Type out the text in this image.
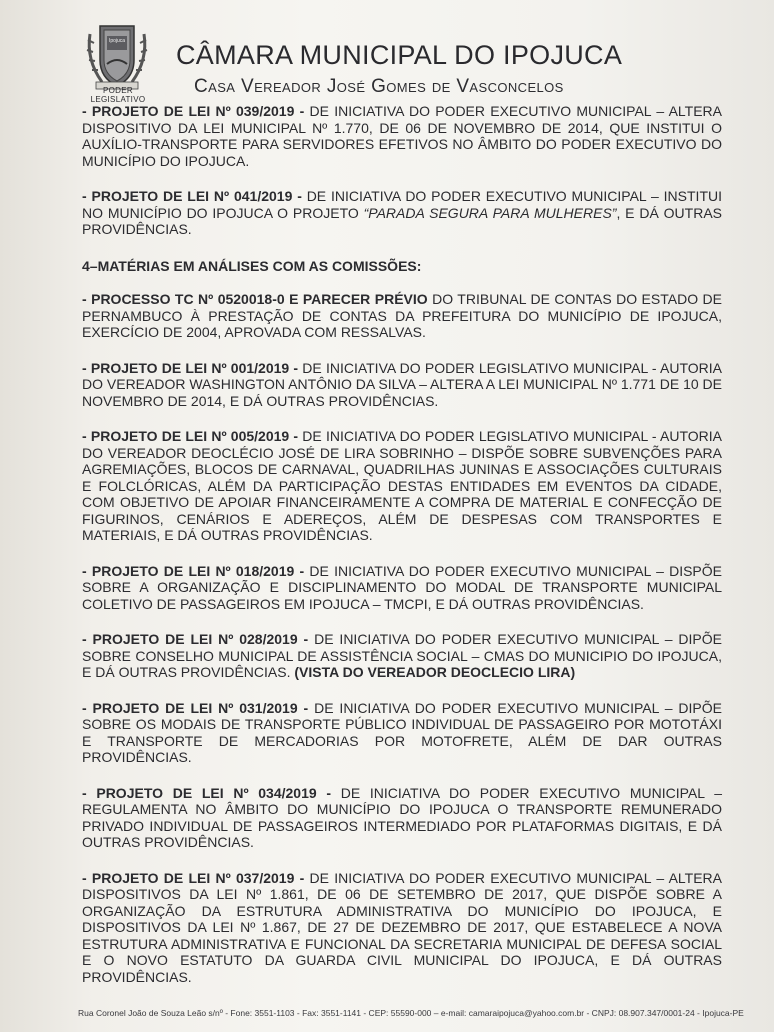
Ipojuca
PODER
LEGISLATIVO
CÂMARA MUNICIPAL DO IPOJUCA
Casa Vereador José Gomes de Vasconcelos

- PROJETO DE LEI Nº 039/2019 - DE INICIATIVA DO PODER EXECUTIVO MUNICIPAL – ALTERA DISPOSITIVO DA LEI MUNICIPAL Nº 1.770, DE 06 DE NOVEMBRO DE 2014, QUE INSTITUI O AUXÍLIO-TRANSPORTE PARA SERVIDORES EFETIVOS NO ÂMBITO DO PODER EXECUTIVO DO MUNICÍPIO DO IPOJUCA.

- PROJETO DE LEI Nº 041/2019 - DE INICIATIVA DO PODER EXECUTIVO MUNICIPAL – INSTITUI NO MUNICÍPIO DO IPOJUCA O PROJETO “PARADA SEGURA PARA MULHERES”, E DÁ OUTRAS PROVIDÊNCIAS.

4–MATÉRIAS EM ANÁLISES COM AS COMISSÕES:

- PROCESSO TC Nº 0520018-0 E PARECER PRÉVIO DO TRIBUNAL DE CONTAS DO ESTADO DE PERNAMBUCO À PRESTAÇÃO DE CONTAS DA PREFEITURA DO MUNICÍPIO DE IPOJUCA, EXERCÍCIO DE 2004, APROVADA COM RESSALVAS.

- PROJETO DE LEI Nº 001/2019 - DE INICIATIVA DO PODER LEGISLATIVO MUNICIPAL - AUTORIA DO VEREADOR WASHINGTON ANTÔNIO DA SILVA – ALTERA A LEI MUNICIPAL Nº 1.771 DE 10 DE NOVEMBRO DE 2014, E DÁ OUTRAS PROVIDÊNCIAS.

- PROJETO DE LEI Nº 005/2019 - DE INICIATIVA DO PODER LEGISLATIVO MUNICIPAL - AUTORIA DO VEREADOR DEOCLÉCIO JOSÉ DE LIRA SOBRINHO – DISPÕE SOBRE SUBVENÇÕES PARA AGREMIAÇÕES, BLOCOS DE CARNAVAL, QUADRILHAS JUNINAS E ASSOCIAÇÕES CULTURAIS E FOLCLÓRICAS, ALÉM DA PARTICIPAÇÃO DESTAS ENTIDADES EM EVENTOS DA CIDADE, COM OBJETIVO DE APOIAR FINANCEIRAMENTE A COMPRA DE MATERIAL E CONFECÇÃO DE FIGURINOS, CENÁRIOS E ADEREÇOS, ALÉM DE DESPESAS COM TRANSPORTES E MATERIAIS, E DÁ OUTRAS PROVIDÊNCIAS.

- PROJETO DE LEI Nº 018/2019 - DE INICIATIVA DO PODER EXECUTIVO MUNICIPAL – DISPÕE SOBRE A ORGANIZAÇÃO E DISCIPLINAMENTO DO MODAL DE TRANSPORTE MUNICIPAL COLETIVO DE PASSAGEIROS EM IPOJUCA – TMCPI, E DÁ OUTRAS PROVIDÊNCIAS.

- PROJETO DE LEI Nº 028/2019 - DE INICIATIVA DO PODER EXECUTIVO MUNICIPAL – DIPÕE SOBRE CONSELHO MUNICIPAL DE ASSISTÊNCIA SOCIAL – CMAS DO MUNICIPIO DO IPOJUCA, E DÁ OUTRAS PROVIDÊNCIAS. (VISTA DO VEREADOR DEOCLECIO LIRA)

- PROJETO DE LEI Nº 031/2019 - DE INICIATIVA DO PODER EXECUTIVO MUNICIPAL – DIPÕE SOBRE OS MODAIS DE TRANSPORTE PÚBLICO INDIVIDUAL DE PASSAGEIRO POR MOTOTÁXI E TRANSPORTE DE MERCADORIAS POR MOTOFRETE, ALÉM DE DAR OUTRAS PROVIDÊNCIAS.

- PROJETO DE LEI Nº 034/2019 - DE INICIATIVA DO PODER EXECUTIVO MUNICIPAL – REGULAMENTA NO ÂMBITO DO MUNICÍPIO DO IPOJUCA O TRANSPORTE REMUNERADO PRIVADO INDIVIDUAL DE PASSAGEIROS INTERMEDIADO POR PLATAFORMAS DIGITAIS, E DÁ OUTRAS PROVIDÊNCIAS.

- PROJETO DE LEI Nº 037/2019 - DE INICIATIVA DO PODER EXECUTIVO MUNICIPAL – ALTERA DISPOSITIVOS DA LEI Nº 1.861, DE 06 DE SETEMBRO DE 2017, QUE DISPÕE SOBRE A ORGANIZAÇÃO DA ESTRUTURA ADMINISTRATIVA DO MUNICÍPIO DO IPOJUCA, E DISPOSITIVOS DA LEI Nº 1.867, DE 27 DE DEZEMBRO DE 2017, QUE ESTABELECE A NOVA ESTRUTURA ADMINISTRATIVA E FUNCIONAL DA SECRETARIA MUNICIPAL DE DEFESA SOCIAL E O NOVO ESTATUTO DA GUARDA CIVIL MUNICIPAL DO IPOJUCA, E DÁ OUTRAS PROVIDÊNCIAS.

Rua Coronel João de Souza Leão s/nº - Fone: 3551-1103 - Fax: 3551-1141 - CEP: 55590-000 – e-mail: camaraipojuca@yahoo.com.br - CNPJ: 08.907.347/0001-24 - Ipojuca-PE
